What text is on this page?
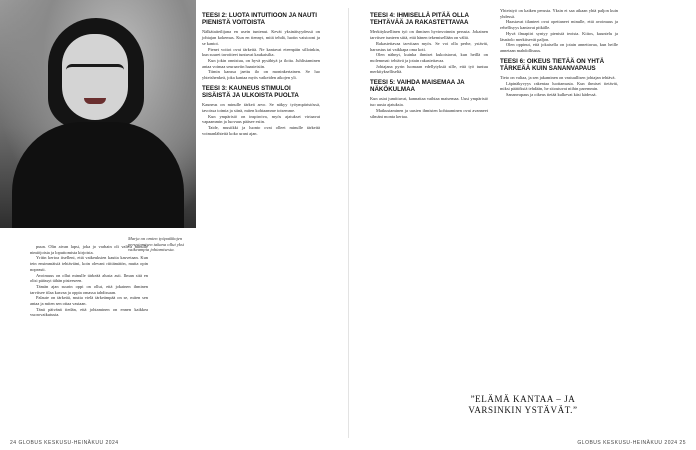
Marja on omien työpaikkojen perustamisen takana ollut yksi vaikeampia johtamisesta.

puun. Olin aivan lapsi, joka jo varhain oli valiva minulle nimiöjoista ja loputtomista kirjoista.

Yritin kertoa itselleni, että vaikeuksien kautta kasvetaan. Kun tein ensimmäisiä tehtäviäni, koin olevani riittämätön, mutta opin nopeasti.

Avoimuus on ollut minulle tärkeää alusta asti. Ilman sitä en olisi päässyt tähän pisteeseen.

Tämän ajan suurin oppi on ollut, että jokainen ihminen tarvitsee tilaa kasvaa ja oppia omassa tahdissaan.

Palaute on tärkeää, mutta vielä tärkeämpää on se, miten sen antaa ja miten sen ottaa vastaan.

Tänä päivänä tiedän, että johtaminen on ennen kaikkea vuorovaikutusta.

TEESI 2: LUOTA INTUITIOON JA NAUTI PIENISTÄ VOITOISTA

Nälkätaiteilijana en usein tuntenut. Kevät yksinäisyydessä on johtajan kokemus. Kun en tiennyt, mitä tehdä, luotin vaistooni ja se kantoi.

Pienet voitot ovat tärkeitä. Ne kantavat eteenpäin silloinkin, kun suuret tavoitteet tuntuvat kaukaisilta.

Kun jokin onnistuu, on hyvä pysähtyä ja iloita. Juhlistaminen antaa voimaa seuraaviin haasteisiin.

Tiimin kanssa jaettu ilo on moninkertainen. Se luo yhteishenkeä, joka kantaa myös vaikeiden aikojen yli.

TEESI 3: KAUNEUS STIMULOI SISÄISTÄ JA ULKOISTA PUOLTA

Kauneus on minulle tärkeä arvo. Se näkyy työympäristössä, tavoissa toimia ja siinä, miten kohtaamme toisemme.

Kun ympäristö on inspiroiva, myös ajatukset virtaavat vapaammin ja luovuus pääsee esiin.

Taide, musiikki ja luonto ovat olleet minulle tärkeitä voimanlähteitä koko urani ajan.

TEESI 4: IHMISELLÄ PITÄÄ OLLA TEHTÄVÄÄ JA RAKASTETTAVAA

Merkityksellinen työ on ihmisen hyvinvoinnin perusta. Jokainen tarvitsee tunteen siitä, että hänen tekemisellään on väliä.

Rakastettavaa tarvitaan myös. Se voi olla perhe, ystävät, harrastus tai vaikkapa oma koti.

Olen nähnyt, kuinka ihmiset kukoistavat, kun heillä on molemmat: tehtävä ja jotain rakastettavaa.

Johtajana pyrin luomaan edellytyksiä sille, että työ tuntuu merkitykselliseltä.

TEESI 5: VAIHDA MAISEMAA JA NÄKÖKULMAA

Kun asiat jumittuvat, kannattaa vaihtaa maisemaa. Uusi ympäristö tuo uusia ajatuksia.

Matkustaminen ja uusien ihmisten kohtaaminen ovat avanneet silmäni monta kertaa.

Yhteistyö on kaiken perusta. Yksin ei saa aikaan yhtä paljon kuin yhdessä.

Haastavat tilanteet ovat opettaneet minulle, että avoimuus ja rehellisyys kantavat pitkälle.

Hyvä ilmapiiri syntyy pienistä teoista. Kiitos, kuuntelu ja läsnäolo merkitsevät paljon.

Olen oppinut, että jokaisella on jotain annettavaa, kun heille annetaan mahdollisuus.

TEESI 6: OIKEUS TIETÄÄ ON YHTÄ TÄRKEÄÄ KUIN SANANVAPAUS

Tieto on valtaa, ja sen jakaminen on vastuullisen johtajan tehtävä.

Läpinäkyvyys rakentaa luottamusta. Kun ihmiset tietävät, miksi päätöksiä tehdään, he sitoutuvat niihin paremmin.

Sananvapaus ja oikeus tietää kulkevat käsi kädessä.

”ELÄMÄ KANTAA – JA VARSINKIN YSTÄVÄT.”
24 GLOBUS KESKUSU-HEINÄKUU 2024	GLOBUS KESKUSU-HEINÄKUU 2024 25
